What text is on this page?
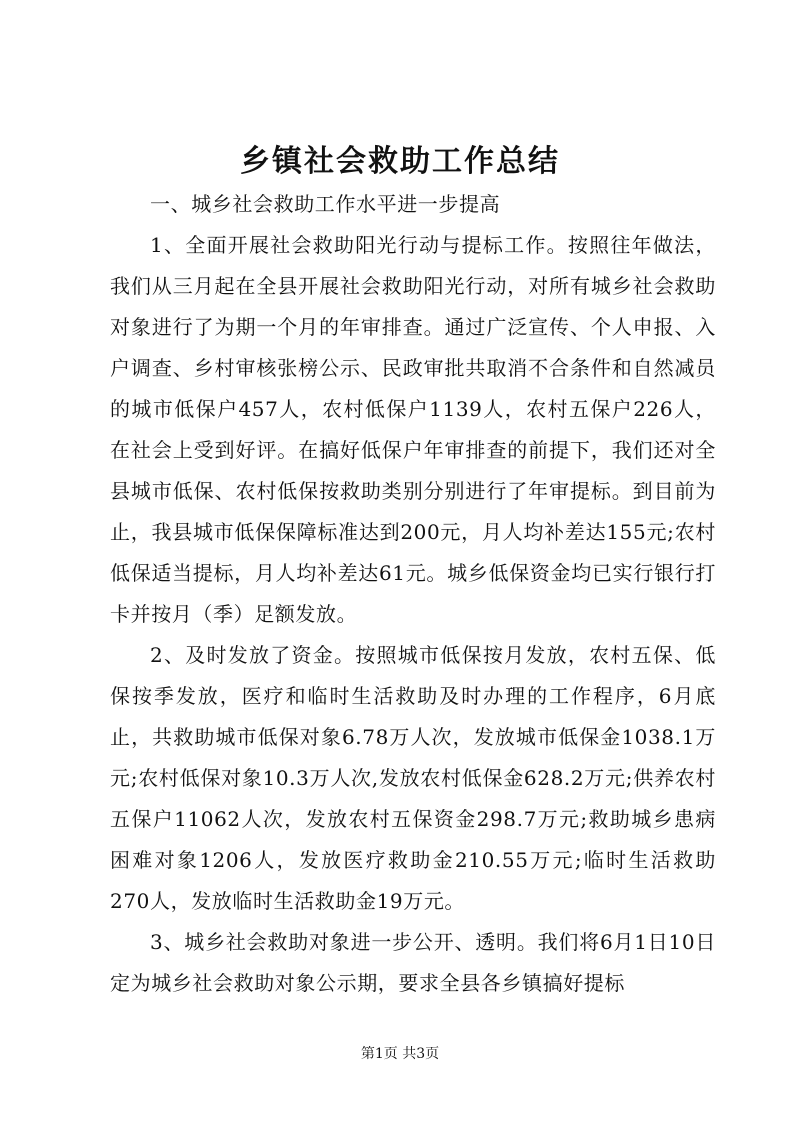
乡镇社会救助工作总结

一、城乡社会救助工作水平进一步提高

1、全面开展社会救助阳光行动与提标工作。按照往年做法，我们从三月起在全县开展社会救助阳光行动，对所有城乡社会救助对象进行了为期一个月的年审排查。通过广泛宣传、个人申报、入户调查、乡村审核张榜公示、民政审批共取消不合条件和自然减员的城市低保户457人，农村低保户1139人，农村五保户226人，在社会上受到好评。在搞好低保户年审排查的前提下，我们还对全县城市低保、农村低保按救助类别分别进行了年审提标。到目前为止，我县城市低保保障标准达到200元，月人均补差达155元;农村低保适当提标，月人均补差达61元。城乡低保资金均已实行银行打卡并按月（季）足额发放。

2、及时发放了资金。按照城市低保按月发放，农村五保、低保按季发放，医疗和临时生活救助及时办理的工作程序，6月底止，共救助城市低保对象6.78万人次，发放城市低保金1038.1万元;农村低保对象10.3万人次,发放农村低保金628.2万元;供养农村五保户11062人次，发放农村五保资金298.7万元;救助城乡患病困难对象1206人，发放医疗救助金210.55万元;临时生活救助270人，发放临时生活救助金19万元。

3、城乡社会救助对象进一步公开、透明。我们将6月1日10日定为城乡社会救助对象公示期，要求全县各乡镇搞好提标

第1页 共3页
